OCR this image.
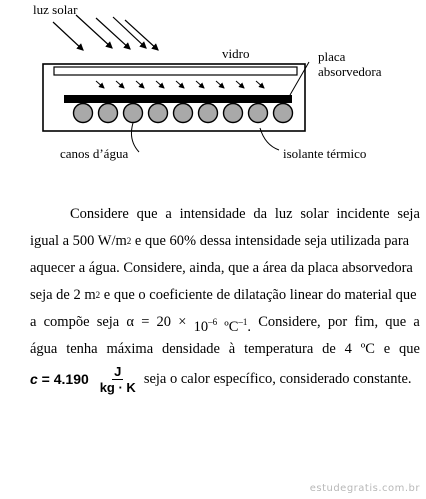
luz solar
vidro	placa
absorvedora
canos d’água	isolante térmico
Considere que a intensidade da luz solar incidente seja
igual a 500 W/m 2 e que 60% dessa intensidade seja utilizada para
aquecer a água. Considere, ainda, que a área da placa absorvedora
seja de 2 m 2 e que o coeficiente de dilatação linear do material que
a compõe seja $\alpha = 20 \times 10^{-6}$ ºC$^{-1}$. Considere, por fim, que a
água tenha máxima densidade à temperatura de 4 ºC e que
$c = 4.190 \frac{J}{kg \cdot K}$ seja o calor específico, considerado constante.
estudegratis.com.br
